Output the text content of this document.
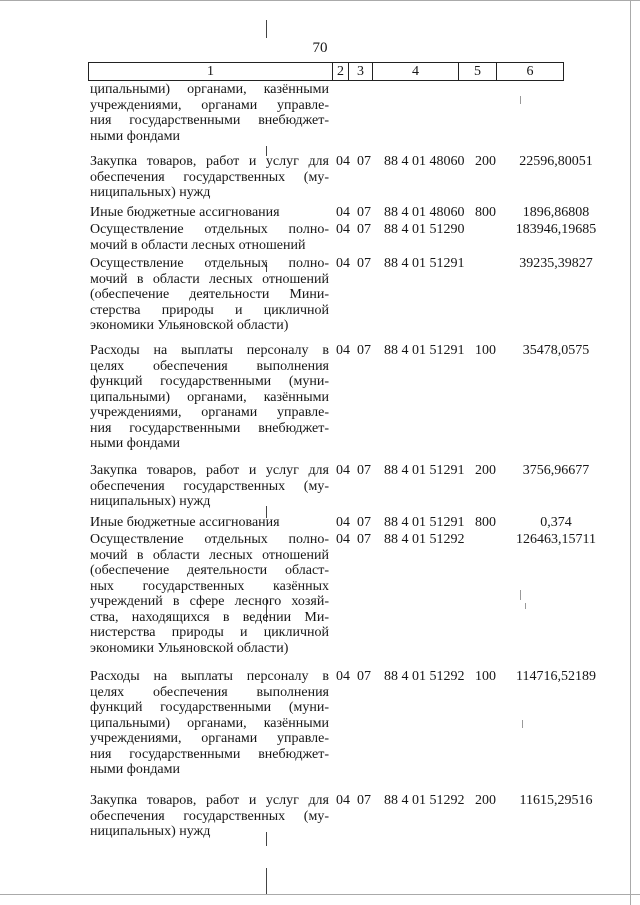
70
1	2 3	4	5	6
ципальными) органами, казёнными
учреждениями, органами управле-
ния государственными внебюджет-
ными фондами
Закупка товаров, работ и услуг для
обеспечения государственных (му-
ниципальных) нужд
04 07 88 4 01 48060 200	22596,80051
Иные бюджетные ассигнования	04 07 88 4 01 48060 800	1896,86808
Осуществление отдельных полно-
мочий в области лесных отношений
04 07 88 4 01 51290	183946,19685
Осуществление отдельных полно-
мочий в области лесных отношений
(обеспечение деятельности Мини-
стерства природы и цикличной
экономики Ульяновской области)
04 07 88 4 01 51291	39235,39827
Расходы на выплаты персоналу в
целях обеспечения выполнения
функций государственными (муни-
ципальными) органами, казёнными
учреждениями, органами управле-
ния государственными внебюджет-
ными фондами
04 07 88 4 01 51291 100	35478,0575
Закупка товаров, работ и услуг для
обеспечения государственных (му-
ниципальных) нужд
04 07 88 4 01 51291 200	3756,96677
Иные бюджетные ассигнования	04 07 88 4 01 51291 800	0,374
Осуществление отдельных полно-
мочий в области лесных отношений
(обеспечение деятельности област-
ных государственных казённых
учреждений в сфере лесного хозяй-
ства, находящихся в ведении Ми-
нистерства природы и цикличной
экономики Ульяновской области)
04 07 88 4 01 51292	126463,15711
Расходы на выплаты персоналу в
целях обеспечения выполнения
функций государственными (муни-
ципальными) органами, казёнными
учреждениями, органами управле-
ния государственными внебюджет-
ными фондами
04 07 88 4 01 51292 100	114716,52189
Закупка товаров, работ и услуг для
обеспечения государственных (му-
ниципальных) нужд
04 07 88 4 01 51292 200	11615,29516
